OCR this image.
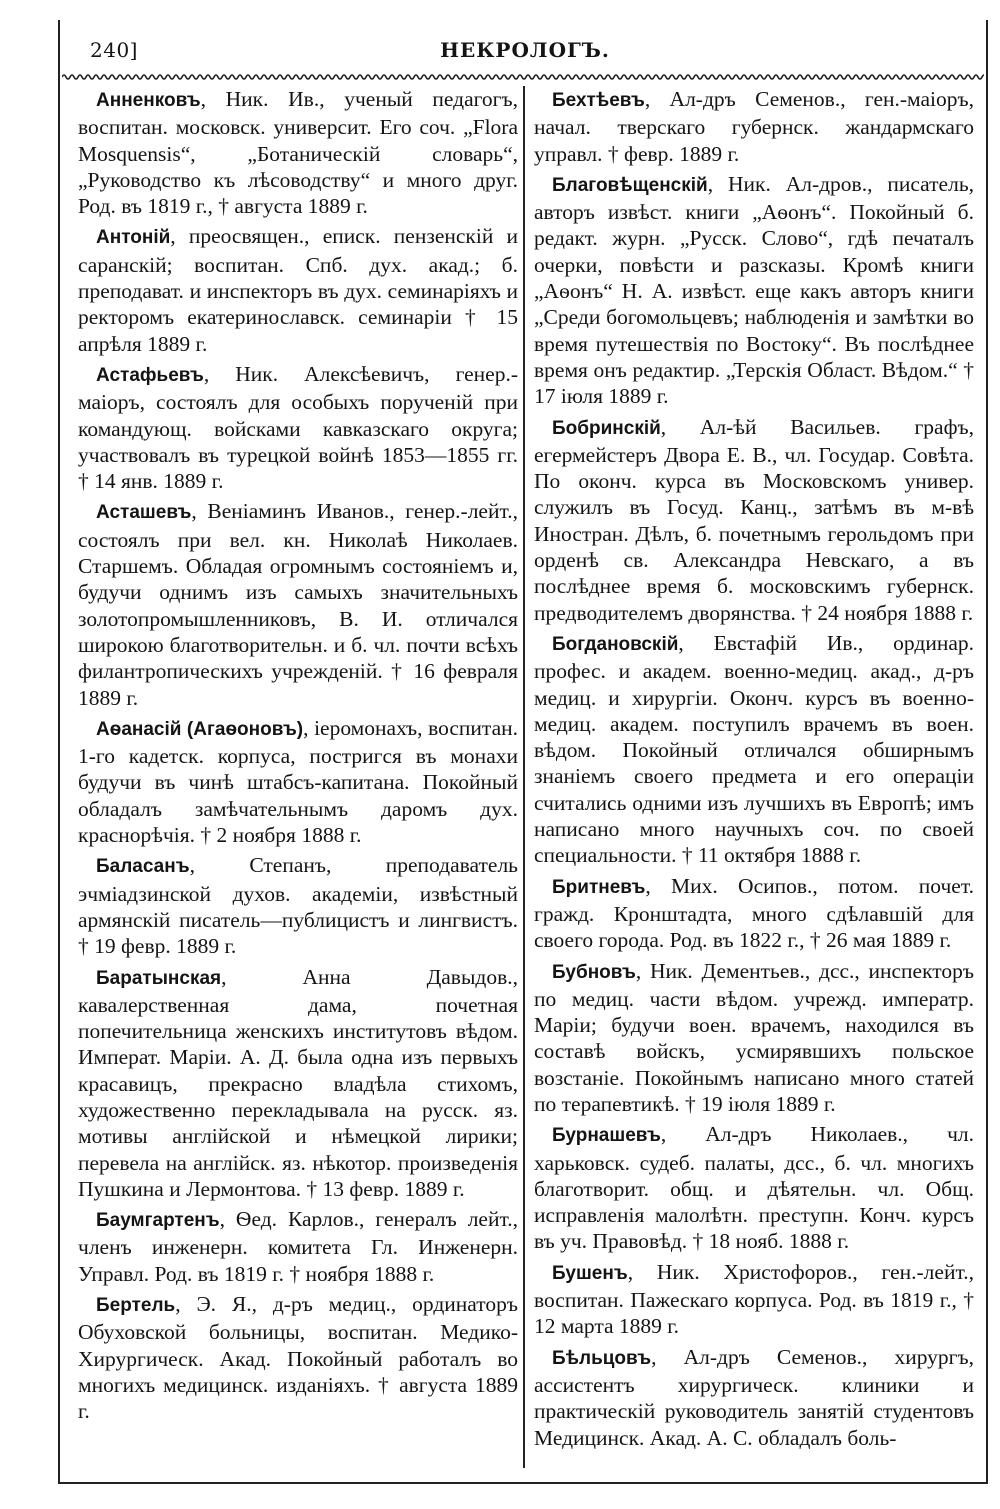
240]	НЕКРОЛОГЪ.

Анненковъ, Ник. Ив., ученый педагогъ, воспитан. московск. университ. Его соч. „Flora Mosquensis“, „Ботаническій словарь“, „Руководство къ лѣсоводству“ и много друг. Род. въ 1819 г., † августа 1889 г.

Антоній, преосвящен., епиcк. пензенскій и саранскій; воспитан. Спб. дух. акад.; б. преподават. и инспекторъ въ дух. семинаріяхъ и ректоромъ екатеринославск. семинаріи † 15 апрѣля 1889 г.

Астафьевъ, Ник. Алексѣевичъ, генер.-маіоръ, состоялъ для особыхъ порученій при командующ. войсками кавказскаго округа; участвовалъ въ турецкой войнѣ 1853—1855 гг. † 14 янв. 1889 г.

Асташевъ, Веніаминъ Иванов., генер.-лейт., состоялъ при вел. кн. Николаѣ Николаев. Старшемъ. Обладая огромнымъ состояніемъ и, будучи однимъ изъ самыхъ значительныхъ золотопромышленниковъ, В. И. отличался широкою благотворительн. и б. чл. почти всѣхъ филантропическихъ учрежденій. † 16 февраля 1889 г.

Аѳанасій (Агаѳоновъ), іеромонахъ, воспитан. 1-го кадетск. корпуса, постригся въ монахи будучи въ чинѣ штабсъ-капитана. Покойный обладалъ замѣчательнымъ даромъ дух. краснорѣчія. † 2 ноября 1888 г.

Баласанъ, Степанъ, преподаватель эчміадзинской духов. академіи, извѣстный армянскій писатель—публицистъ и лингвистъ. † 19 февр. 1889 г.

Баратынская, Анна Давыдов., кавалерственная дама, почетная попечительница женскихъ институтовъ вѣдом. Императ. Маріи. А. Д. была одна изъ первыхъ красавицъ, прекрасно владѣла стихомъ, художественно перекладывала на русск. яз. мотивы англійской и нѣмецкой лирики; перевела на англійск. яз. нѣкотор. произведенія Пушкина и Лермонтова. † 13 февр. 1889 г.

Баумгартенъ, Ѳед. Карлов., генералъ лейт., членъ инженерн. комитета Гл. Инженерн. Управл. Род. въ 1819 г. † ноября 1888 г.

Бертель, Э. Я., д-ръ медиц., ординаторъ Обуховской больницы, воспитан. Медико-Хирургическ. Акад. Покойный работалъ во многихъ медицинск. изданіяхъ. † августа 1889 г.

Бехтѣевъ, Ал-дръ Семенов., ген.-маіоръ, начал. тверскаго губернск. жандармскаго управл. † февр. 1889 г.

Благовѣщенскій, Ник. Ал-дров., писатель, авторъ извѣст. книги „Аѳонъ“. Покойный б. редакт. журн. „Русск. Слово“, гдѣ печаталъ очерки, повѣсти и разсказы. Кромѣ книги „Аѳонъ“ Н. А. извѣст. еще какъ авторъ книги „Среди богомольцевъ; наблюденія и замѣтки во время путешествія по Востоку“. Въ послѣднее время онъ редактир. „Терскія Област. Вѣдом.“ † 17 іюля 1889 г.

Бобринскій, Ал-ѣй Васильев. графъ, егермейстеръ Двора Е. В., чл. Государ. Совѣта. По оконч. курса въ Московскомъ универ. служилъ въ Госуд. Канц., затѣмъ въ м-вѣ Иностран. Дѣлъ, б. почетнымъ герольдомъ при орденѣ св. Александра Невскаго, а въ послѣднее время б. московскимъ губернск. предводителемъ дворянства. † 24 ноября 1888 г.

Богдановскій, Евстафій Ив., ординар. профес. и академ. военно-медиц. акад., д-ръ медиц. и хирургіи. Оконч. курсъ въ военно-медиц. академ. поступилъ врачемъ въ воен. вѣдом. Покойный отличался обширнымъ знаніемъ своего предмета и его операціи считались одними изъ лучшихъ въ Европѣ; имъ написано много научныхъ соч. по своей специальности. † 11 октября 1888 г.

Бритневъ, Мих. Осипов., потом. почет. гражд. Кронштадта, много сдѣлавшій для своего города. Род. въ 1822 г., † 26 мая 1889 г.

Бубновъ, Ник. Дементьев., дсс., инспекторъ по медиц. части вѣдом. учрежд. императр. Маріи; будучи воен. врачемъ, находился въ составѣ войскъ, усмирявшихъ польское возстаніе. Покойнымъ написано много статей по терапевтикѣ. † 19 іюля 1889 г.

Бурнашевъ, Ал-дръ Николаев., чл. харьковск. судеб. палаты, дсс., б. чл. многихъ благотворит. общ. и дѣятельн. чл. Общ. исправленія малолѣтн. преступн. Конч. курсъ въ уч. Правовѣд. † 18 нояб. 1888 г.

Бушенъ, Ник. Христофоров., ген.-лейт., воспитан. Пажескаго корпуса. Род. въ 1819 г., † 12 марта 1889 г.

Бѣльцовъ, Ал-дръ Семенов., хирургъ, ассистентъ хирургическ. клиники и практическій руководитель занятій студентовъ Медицинск. Акад. А. С. обладалъ боль-
